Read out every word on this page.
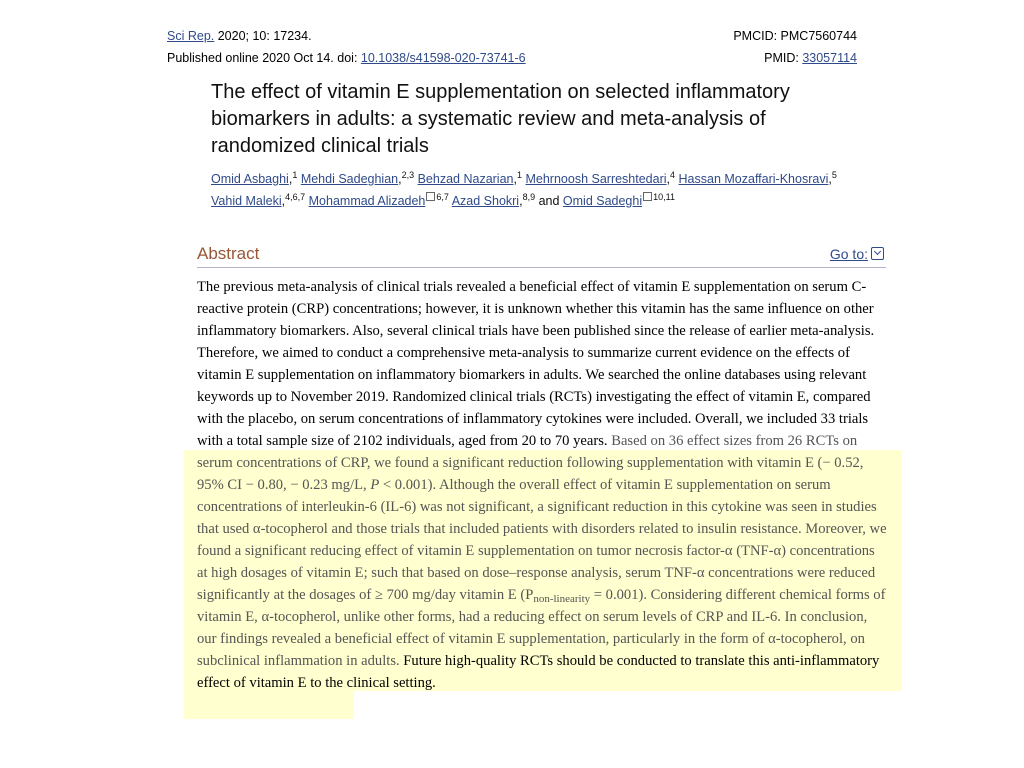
Sci Rep. 2020; 10: 17234.	PMCID: PMC7560744
Published online 2020 Oct 14. doi: 10.1038/s41598-020-73741-6	PMID: 33057114
The effect of vitamin E supplementation on selected inflammatory biomarkers in adults: a systematic review and meta-analysis of randomized clinical trials
Omid Asbaghi,$^1$ Mehdi Sadeghian,$^{2,3}$ Behzad Nazarian,$^1$ Mehrnoosh Sarreshtedari,$^4$ Hassan Mozaffari-Khosravi,$^5$
Vahid Maleki,$^{4,6,7}$ Mohammad Alizadeh $^{6,7}$ Azad Shokri,$^{8,9}$ and Omid Sadeghi $^{10,11}$
Abstract	Go to:

The previous meta-analysis of clinical trials revealed a beneficial effect of vitamin E supplementation on serum C-reactive protein (CRP) concentrations; however, it is unknown whether this vitamin has the same influence on other inflammatory biomarkers. Also, several clinical trials have been published since the release of earlier meta-analysis. Therefore, we aimed to conduct a comprehensive meta-analysis to summarize current evidence on the effects of vitamin E supplementation on inflammatory biomarkers in adults. We searched the online databases using relevant keywords up to November 2019. Randomized clinical trials (RCTs) investigating the effect of vitamin E, compared with the placebo, on serum concentrations of inflammatory cytokines were included. Overall, we included 33 trials with a total sample size of 2102 individuals, aged from 20 to 70 years. Based on 36 effect sizes from 26 RCTs on serum concentrations of CRP, we found a significant reduction following supplementation with vitamin E (− 0.52, 95% CI − 0.80, − 0.23 mg/L, P < 0.001). Although the overall effect of vitamin E supplementation on serum concentrations of interleukin-6 (IL-6) was not significant, a significant reduction in this cytokine was seen in studies that used α-tocopherol and those trials that included patients with disorders related to insulin resistance. Moreover, we found a significant reducing effect of vitamin E supplementation on tumor necrosis factor-α (TNF-α) concentrations at high dosages of vitamin E; such that based on dose–response analysis, serum TNF-α concentrations were reduced significantly at the dosages of ≥ 700 mg/day vitamin E $(P_{non-linearity} = 0.001)$. Considering different chemical forms of vitamin E, α-tocopherol, unlike other forms, had a reducing effect on serum levels of CRP and IL-6. In conclusion, our findings revealed a beneficial effect of vitamin E supplementation, particularly in the form of α-tocopherol, on subclinical inflammation in adults. Future high-quality RCTs should be conducted to translate this anti-inflammatory effect of vitamin E to the clinical setting.
